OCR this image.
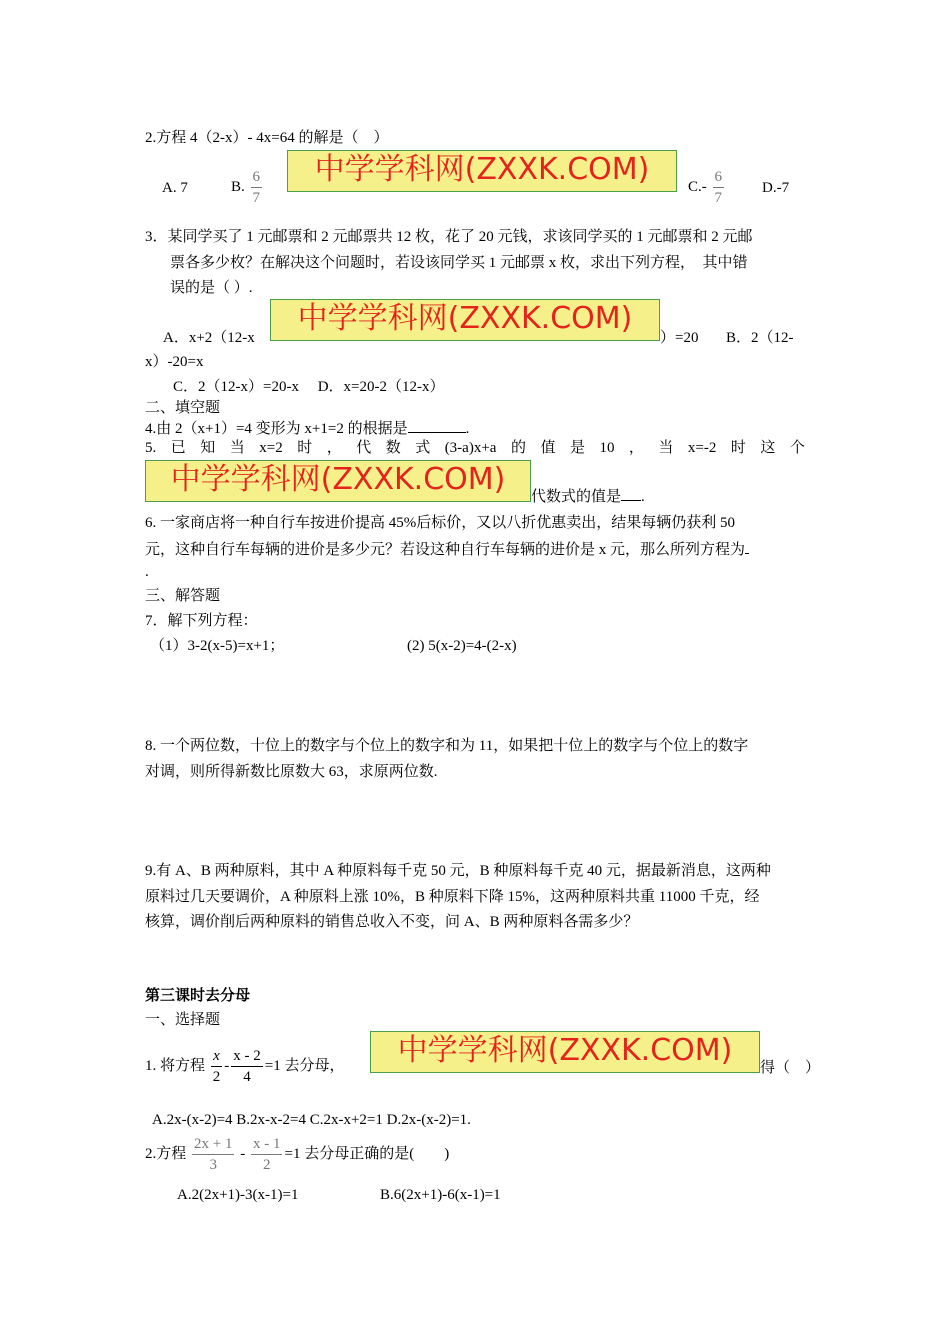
2.方程 4（2-x）- 4x=64 的解是（　）
A. 7	B. $\frac{6}{7}$	中学学科网(ZXXK.COM)	$C.- \frac{6}{7}$	D.-7
3．某同学买了 1 元邮票和 2 元邮票共 12 枚，花了 20 元钱，求该同学买的 1 元邮票和 2 元邮
票各多少枚？在解决这个问题时，若设该同学买 1 元邮票 x 枚，求出下列方程，　其中错
误的是（ ）.
A．x+2（12-x
中学学科网(ZXXK.COM)
）=20 B．2（12-
x）-20=x
C．2（12-x）=20-x　 D．x=20-2（12-x）
二、填空题
4.由 2（x+1）=4 变形为 x+1=2 的根据是	.
5. 已 知 当 x=2 时 ， 代 数 式 (3-a)x+a 的 值 是 10 ， 当 x=-2 时 这 个
中学学科网(ZXXK.COM)	代数式的值是 .
6. 一家商店将一种自行车按进价提高 45%后标价，又以八折优惠卖出，结果每辆仍获利 50
元，这种自行车每辆的进价是多少元？若设这种自行车每辆的进价是 x 元，那么所列方程为
.
三、解答题
7．解下列方程：
（1）3-2(x-5)=x+1；	(2) 5(x-2)=4-(2-x)
8. 一个两位数，十位上的数字与个位上的数字和为 11，如果把十位上的数字与个位上的数字
对调，则所得新数比原数大 63，求原两位数.
9.有 A、B 两种原料，其中 A 种原料每千克 50 元，B 种原料每千克 40 元，据最新消息，这两种
原料过几天要调价，A 种原料上涨 10%，B 种原料下降 15%，这两种原料共重 11000 千克，经
核算，调价削后两种原料的销售总收入不变，问 A、B 两种原料各需多少？
第三课时去分母
一、选择题
1. 将方程 $\frac{x}{2} - \frac{x - 2}{4} =1$ 去分母，	中学学科网(ZXXK.COM)	得（　）
A.2x-(x-2)=4 B.2x-x-2=4 C.2x-x+2=1 D.2x-(x-2)=1.
2.方程 $\frac{2x + 1}{3} - \frac{x - 1}{2} =1$ 去分母正确的是(　　)
A.2(2x+1)-3(x-1)=1	B.6(2x+1)-6(x-1)=1
